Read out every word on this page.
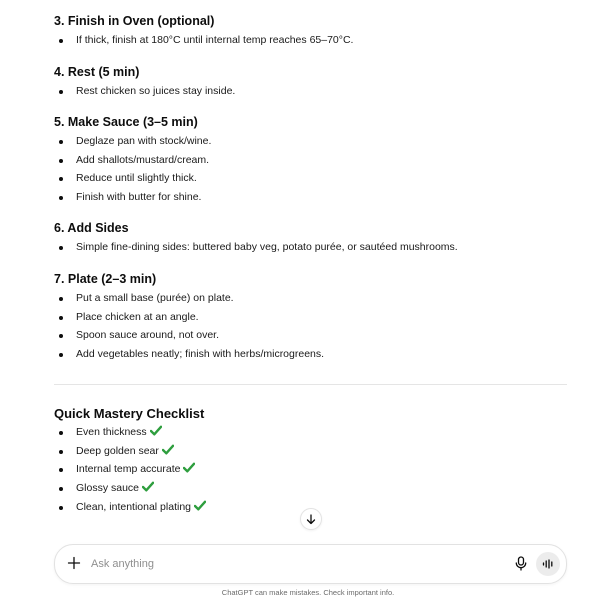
3. Finish in Oven (optional)
If thick, finish at 180°C until internal temp reaches 65–70°C.
4. Rest (5 min)
Rest chicken so juices stay inside.
5. Make Sauce (3–5 min)
Deglaze pan with stock/wine.
Add shallots/mustard/cream.
Reduce until slightly thick.
Finish with butter for shine.
6. Add Sides
Simple fine-dining sides: buttered baby veg, potato purée, or sautéed mushrooms.
7. Plate (2–3 min)
Put a small base (purée) on plate.
Place chicken at an angle.
Spoon sauce around, not over.
Add vegetables neatly; finish with herbs/microgreens.
Quick Mastery Checklist
Even thickness
Deep golden sear
Internal temp accurate
Glossy sauce
Clean, intentional plating
Ask anything
ChatGPT can make mistakes. Check important info.
